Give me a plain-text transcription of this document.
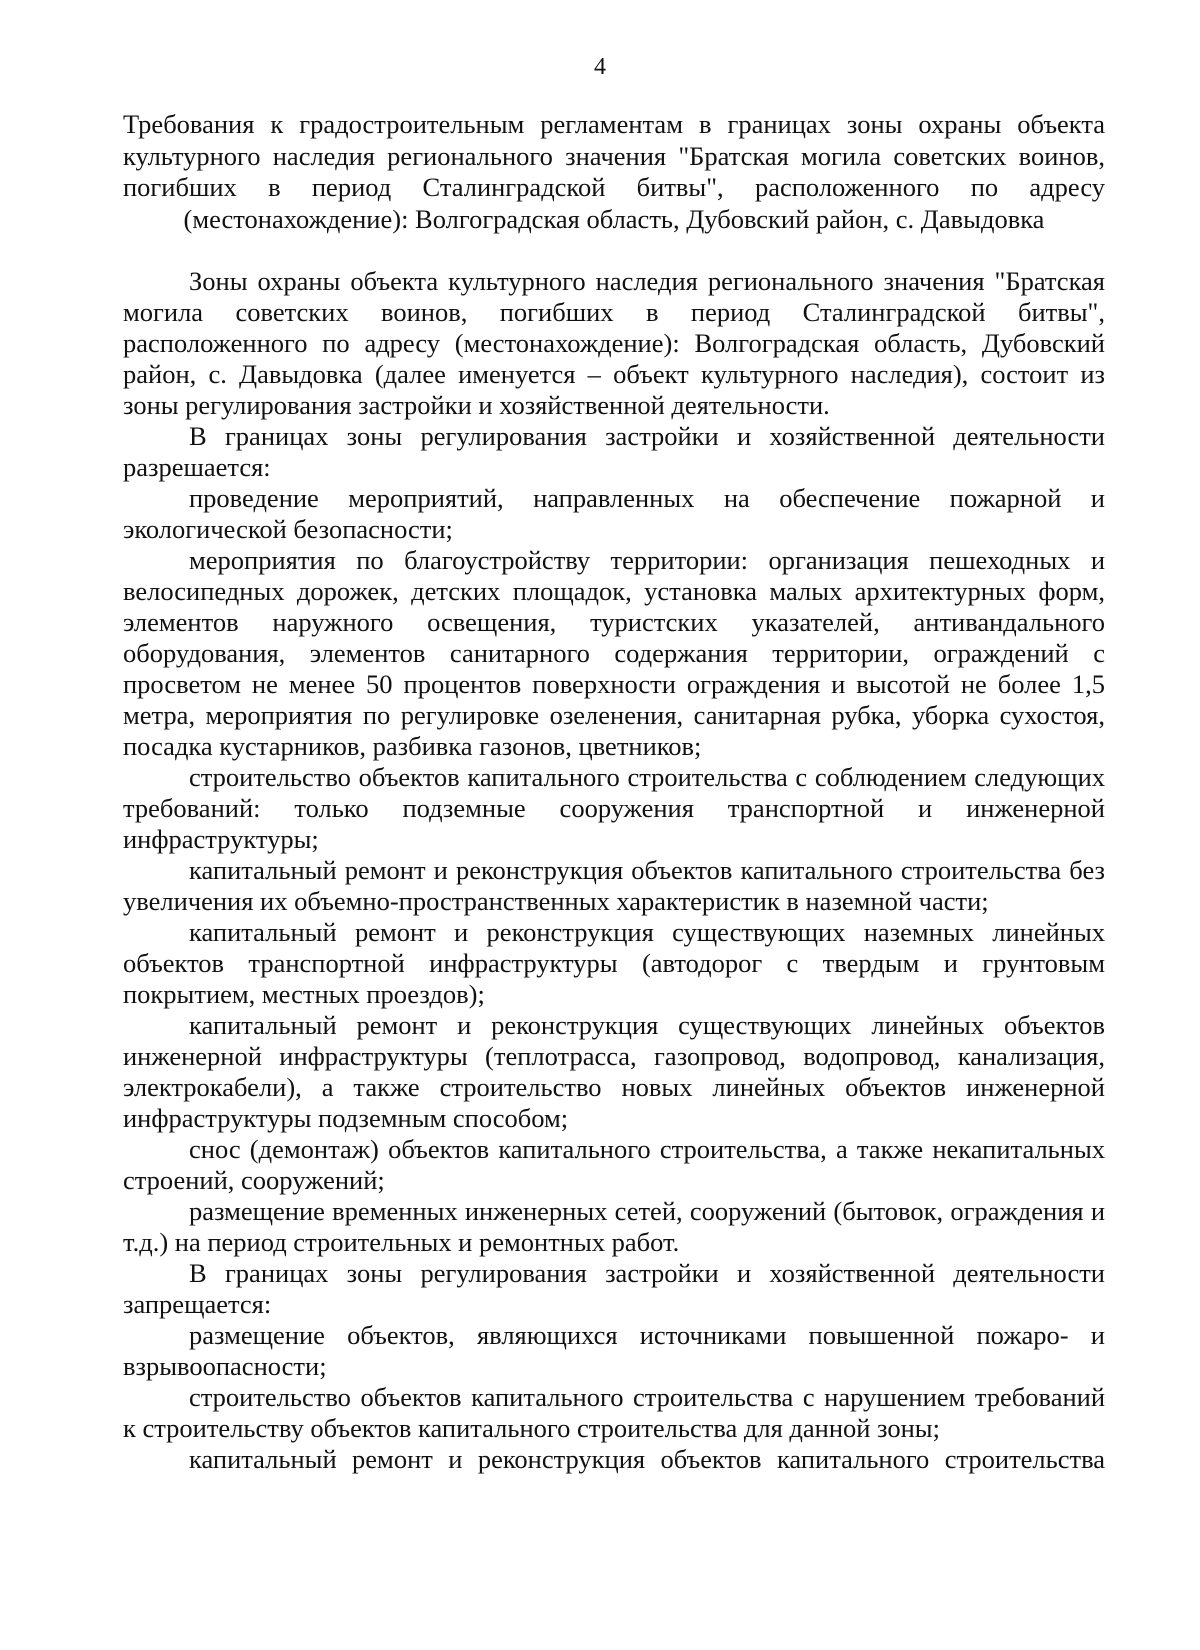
4
Требования к градостроительным регламентам в границах зоны охраны объекта культурного наследия регионального значения "Братская могила советских воинов, погибших в период Сталинградской битвы", расположенного по адресу (местонахождение): Волгоградская область, Дубовский район, с. Давыдовка

Зоны охраны объекта культурного наследия регионального значения "Братская могила советских воинов, погибших в период Сталинградской битвы", расположенного по адресу (местонахождение): Волгоградская область, Дубовский район, с. Давыдовка (далее именуется – объект культурного наследия), состоит из зоны регулирования застройки и хозяйственной деятельности.

В границах зоны регулирования застройки и хозяйственной деятельности разрешается:

проведение мероприятий, направленных на обеспечение пожарной и экологической безопасности;

мероприятия по благоустройству территории: организация пешеходных и велосипедных дорожек, детских площадок, установка малых архитектурных форм, элементов наружного освещения, туристских указателей, антивандального оборудования, элементов санитарного содержания территории, ограждений с просветом не менее 50 процентов поверхности ограждения и высотой не более 1,5 метра, мероприятия по регулировке озеленения, санитарная рубка, уборка сухостоя, посадка кустарников, разбивка газонов, цветников;

строительство объектов капитального строительства с соблюдением следующих требований: только подземные сооружения транспортной и инженерной инфраструктуры;

капитальный ремонт и реконструкция объектов капитального строительства без увеличения их объемно-пространственных характеристик в наземной части;

капитальный ремонт и реконструкция существующих наземных линейных объектов транспортной инфраструктуры (автодорог с твердым и грунтовым покрытием, местных проездов);

капитальный ремонт и реконструкция существующих линейных объектов инженерной инфраструктуры (теплотрасса, газопровод, водопровод, канализация, электрокабели), а также строительство новых линейных объектов инженерной инфраструктуры подземным способом;

снос (демонтаж) объектов капитального строительства, а также некапитальных строений, сооружений;

размещение временных инженерных сетей, сооружений (бытовок, ограждения и т.д.) на период строительных и ремонтных работ.

В границах зоны регулирования застройки и хозяйственной деятельности запрещается:

размещение объектов, являющихся источниками повышенной пожаро- и взрывоопасности;

строительство объектов капитального строительства с нарушением требований к строительству объектов капитального строительства для данной зоны;

капитальный ремонт и реконструкция объектов капитального строительства
